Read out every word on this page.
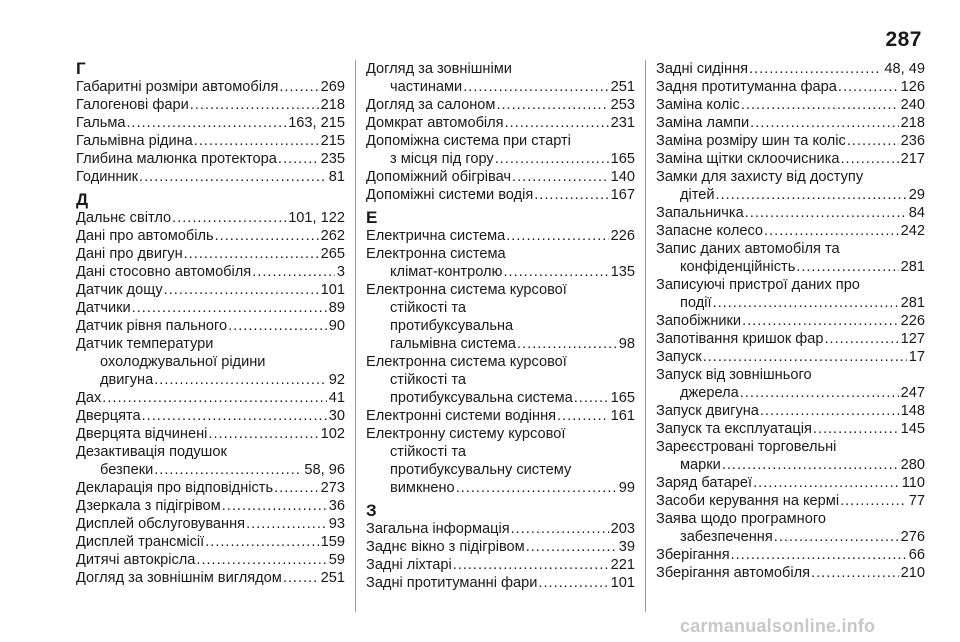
287
Г
Габаритні розміри автомобіля .....	269
Галогенові фари .....	218
Гальма .....	163, 215
Гальмівна рідина .....	215
Глибина малюнка протектора .....	235
Годинник .....	81
Д
Дальнє світло .....	101, 122
Дані про автомобіль .....	262
Дані про двигун .....	265
Дані стосовно автомобіля .....	3
Датчик дощу .....	101
Датчики .....	89
Датчик рівня пального .....	90
Датчик температури
охолоджувальної рідини
двигуна .....	92
Дах .....	41
Дверцята .....	30
Дверцята відчинені .....	102
Дезактивація подушок
безпеки .....	58, 96
Декларація про відповідність .....	273
Дзеркала з підігрівом .....	36
Дисплей обслуговування .....	93
Дисплей трансмісії .....	159
Дитячі автокрісла .....	59
Догляд за зовнішнім виглядом .....	251
Догляд за зовнішніми
частинами .....	251
Догляд за салоном .....	253
Домкрат автомобіля .....	231
Допоміжна система при старті
з місця під гору .....	165
Допоміжний обігрівач .....	140
Допоміжні системи водія .....	167
Е
Електрична система .....	226
Електронна система
клімат-контролю .....	135
Електронна система курсової
стійкості та
протибуксувальна
гальмівна система .....	98
Електронна система курсової
стійкості та
протибуксувальна система .....	165
Електронні системи водіння .....	161
Електронну систему курсової
стійкості та
протибуксувальну систему
вимкнено .....	99
З
Загальна інформація .....	203
Заднє вікно з підігрівом .....	39
Задні ліхтарі .....	221
Задні протитуманні фари .....	101
Задні сидіння .....	48, 49
Задня протитуманна фара .....	126
Заміна коліс .....	240
Заміна лампи .....	218
Заміна розміру шин та коліс .....	236
Заміна щітки склоочисника .....	217
Замки для захисту від доступу
дітей .....	29
Запальничка .....	84
Запасне колесо .....	242
Запис даних автомобіля та
конфіденційність .....	281
Записуючі пристрої даних про
події .....	281
Запобіжники .....	226
Запотівання кришок фар .....	127
Запуск .....	17
Запуск від зовнішнього
джерела .....	247
Запуск двигуна .....	148
Запуск та експлуатація .....	145
Зареєстровані торговельні
марки .....	280
Заряд батареї .....	110
Засоби керування на кермі .....	77
Заява щодо програмного
забезпечення .....	276
Зберігання .....	66
Зберігання автомобіля .....	210
carmanualsonline.info
